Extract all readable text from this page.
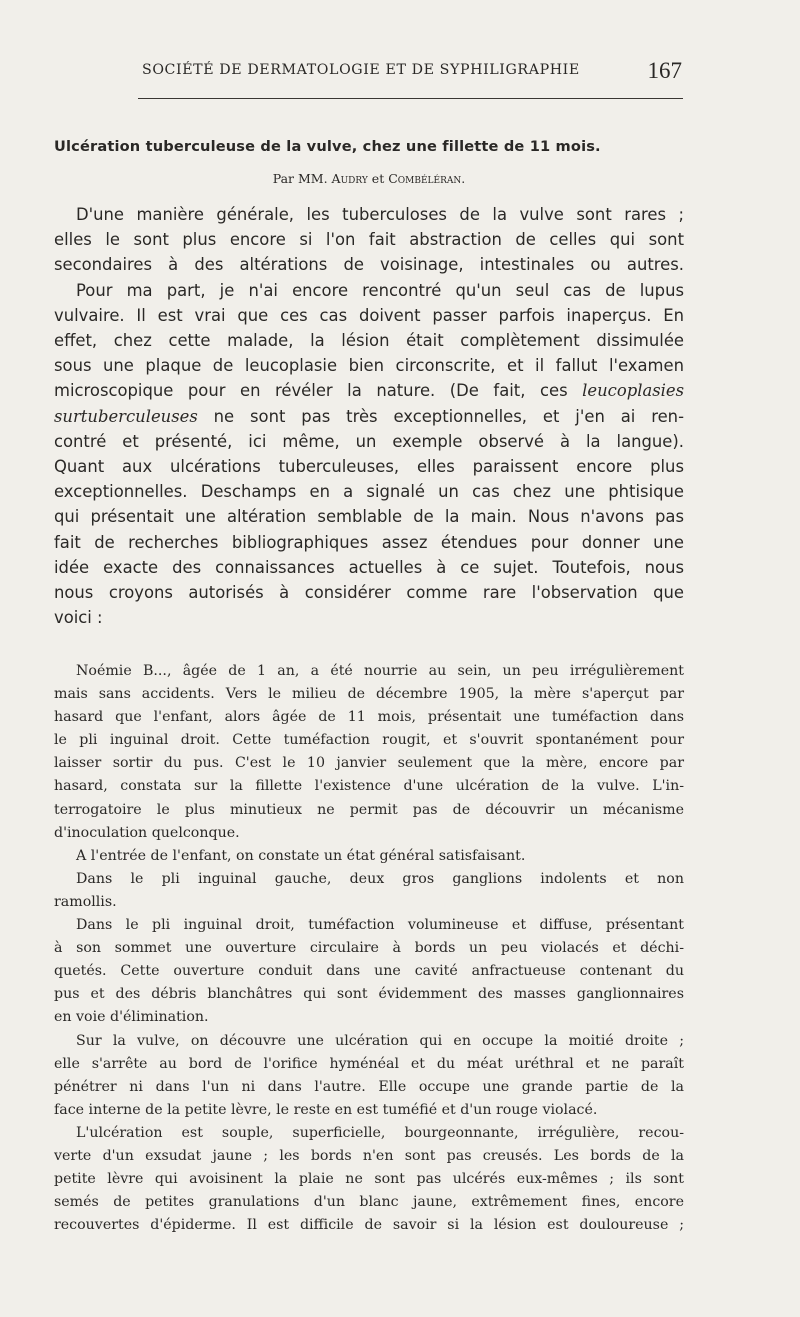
SOCIÉTÉ DE DERMATOLOGIE ET DE SYPHILIGRAPHIE	167
Ulcération tuberculeuse de la vulve, chez une fillette de 11 mois.
Par MM. Audry et Combéléran.

D'une manière générale, les tuberculoses de la vulve sont rares ;
elles le sont plus encore si l'on fait abstraction de celles qui sont
secondaires à des altérations de voisinage, intestinales ou autres.
Pour ma part, je n'ai encore rencontré qu'un seul cas de lupus
vulvaire. Il est vrai que ces cas doivent passer parfois inaperçus. En
effet, chez cette malade, la lésion était complètement dissimulée
sous une plaque de leucoplasie bien circonscrite, et il fallut l'examen
microscopique pour en révéler la nature. (De fait, ces leucoplasies
surtuberculeuses ne sont pas très exceptionnelles, et j'en ai ren-
contré et présenté, ici même, un exemple observé à la langue).
Quant aux ulcérations tuberculeuses, elles paraissent encore plus
exceptionnelles. Deschamps en a signalé un cas chez une phtisique
qui présentait une altération semblable de la main. Nous n'avons pas
fait de recherches bibliographiques assez étendues pour donner une
idée exacte des connaissances actuelles à ce sujet. Toutefois, nous
nous croyons autorisés à considérer comme rare l'observation que
voici :

Noémie B..., âgée de 1 an, a été nourrie au sein, un peu irrégulièrement
mais sans accidents. Vers le milieu de décembre 1905, la mère s'aperçut par
hasard que l'enfant, alors âgée de 11 mois, présentait une tuméfaction dans
le pli inguinal droit. Cette tuméfaction rougit, et s'ouvrit spontanément pour
laisser sortir du pus. C'est le 10 janvier seulement que la mère, encore par
hasard, constata sur la fillette l'existence d'une ulcération de la vulve. L'in-
terrogatoire le plus minutieux ne permit pas de découvrir un mécanisme
d'inoculation quelconque.

A l'entrée de l'enfant, on constate un état général satisfaisant.

Dans le pli inguinal gauche, deux gros ganglions indolents et non
ramollis.

Dans le pli inguinal droit, tuméfaction volumineuse et diffuse, présentant
à son sommet une ouverture circulaire à bords un peu violacés et déchi-
quetés. Cette ouverture conduit dans une cavité anfractueuse contenant du
pus et des débris blanchâtres qui sont évidemment des masses ganglionnaires
en voie d'élimination.

Sur la vulve, on découvre une ulcération qui en occupe la moitié droite ;
elle s'arrête au bord de l'orifice hyménéal et du méat uréthral et ne paraît
pénétrer ni dans l'un ni dans l'autre. Elle occupe une grande partie de la
face interne de la petite lèvre, le reste en est tuméfié et d'un rouge violacé.

L'ulcération est souple, superficielle, bourgeonnante, irrégulière, recou-
verte d'un exsudat jaune ; les bords n'en sont pas creusés. Les bords de la
petite lèvre qui avoisinent la plaie ne sont pas ulcérés eux-mêmes ; ils sont
semés de petites granulations d'un blanc jaune, extrêmement fines, encore
recouvertes d'épiderme. Il est difficile de savoir si la lésion est douloureuse ;
